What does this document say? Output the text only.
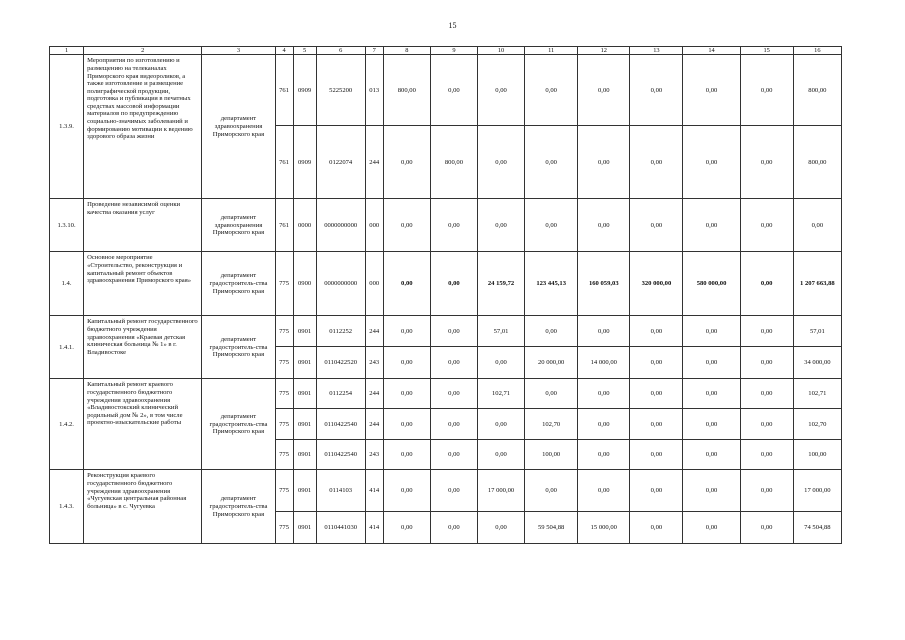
15
1	2	3	4	5	6	7	8	9	10	11	12	13	14	15	16
1.3.9.	Мероприятия по изготовлению и размещению на телеканалах Приморского края видеороликов, а также изготовление и размещение полиграфической продукции, подготовка и публикация в печатных средствах массовой информации материалов по предупреждению социально-значимых заболеваний и формированию мотивации к ведению здорового образа жизни	департамент здравоохранения Приморского края	761	0909	5225200	013	800,00	0,00	0,00	0,00	0,00	0,00	0,00	0,00	800,00
			761	0909	0122074	244	0,00	800,00	0,00	0,00	0,00	0,00	0,00	0,00	800,00
1.3.10.	Проведение независимой оценки качества оказания услуг	департамент здравоохранения Приморского края	761	0000	0000000000	000	0,00	0,00	0,00	0,00	0,00	0,00	0,00	0,00	0,00
1.4.	Основное мероприятие «Строительство, реконструкция и капитальный ремонт объектов здравоохранения Приморского края»	департамент градостроитель-ства Приморского края	775	0900	0000000000	000	0,00	0,00	24 159,72	123 445,13	160 059,03	320 000,00	580 000,00	0,00	1 207 663,88
1.4.1.	Капитальный ремонт государственного бюджетного учреждения здравоохранения «Краевая детская клиническая больница № 1» в г. Владивостоке	департамент градостроитель-ства Приморского края	775	0901	0112252	244	0,00	0,00	57,01	0,00	0,00	0,00	0,00	0,00	57,01
			775	0901	0110422520	243	0,00	0,00	0,00	20 000,00	14 000,00	0,00	0,00	0,00	34 000,00
1.4.2.	Капитальный ремонт краевого государственного бюджетного учреждения здравоохранения «Владивостокский клинический родильный дом № 2», в том числе проектно-изыскательские работы	департамент градостроитель-ства Приморского края	775	0901	0112254	244	0,00	0,00	102,71	0,00	0,00	0,00	0,00	0,00	102,71
			775	0901	0110422540	244	0,00	0,00	0,00	102,70	0,00	0,00	0,00	0,00	102,70
			775	0901	0110422540	243	0,00	0,00	0,00	100,00	0,00	0,00	0,00	0,00	100,00
1.4.3.	Реконструкция краевого государственного бюджетного учреждения здравоохранения «Чугуевская центральная районная больница» в с. Чугуевка	департамент градостроитель-ства Приморского края	775	0901	0114103	414	0,00	0,00	17 000,00	0,00	0,00	0,00	0,00	0,00	17 000,00
			775	0901	0110441030	414	0,00	0,00	0,00	59 504,88	15 000,00	0,00	0,00	0,00	74 504,88
